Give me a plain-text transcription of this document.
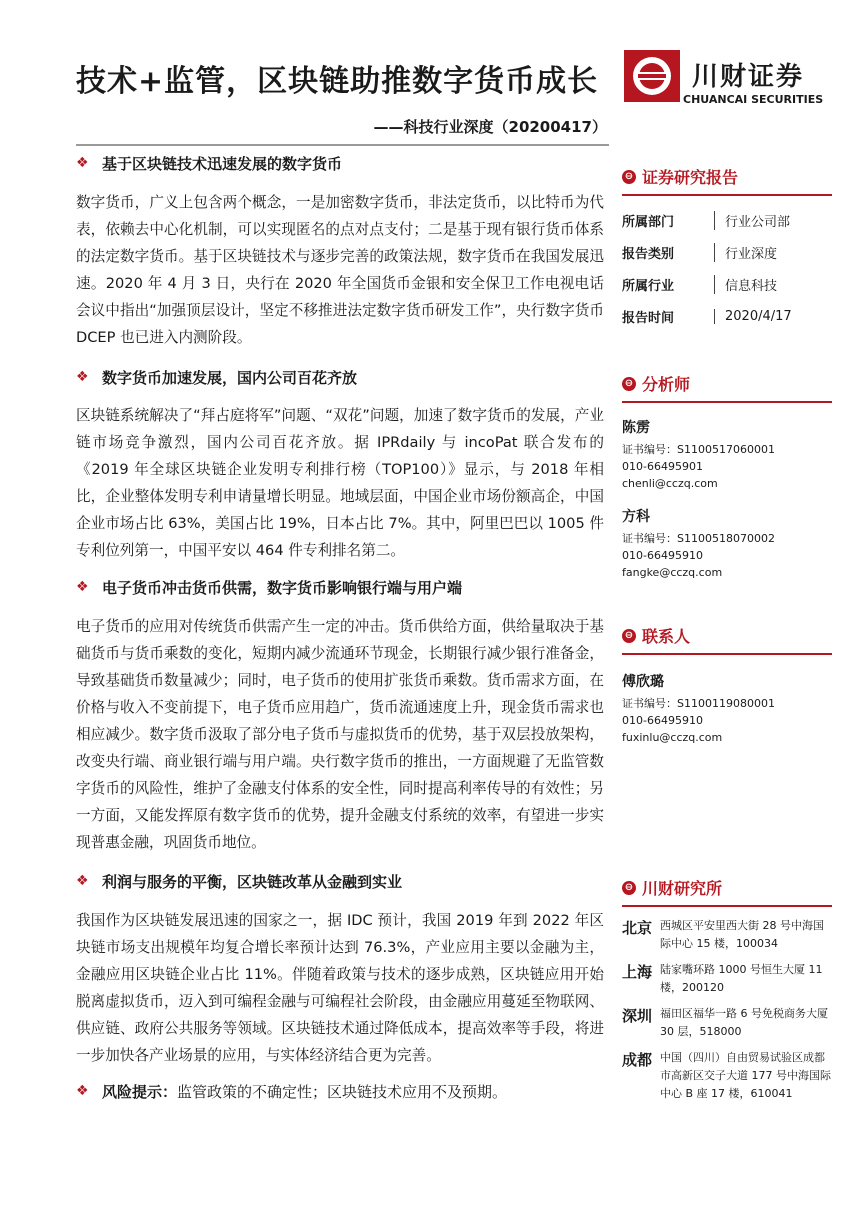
技术+监管，区块链助推数字货币成长
——科技行业深度（20200417）
川财证券
CHUANCAI SECURITIES
❖ 基于区块链技术迅速发展的数字货币

数字货币，广义上包含两个概念，一是加密数字货币，非法定货币，以比特币为代表，依赖去中心化机制，可以实现匿名的点对点支付；二是基于现有银行货币体系的法定数字货币。基于区块链技术与逐步完善的政策法规，数字货币在我国发展迅速。2020 年 4 月 3 日，央行在 2020 年全国货币金银和安全保卫工作电视电话会议中指出“加强顶层设计，坚定不移推进法定数字货币研发工作”，央行数字货币 DCEP 也已进入内测阶段。

❖ 数字货币加速发展，国内公司百花齐放

区块链系统解决了“拜占庭将军”问题、“双花”问题，加速了数字货币的发展，产业链市场竞争激烈，国内公司百花齐放。据 IPRdaily 与 incoPat 联合发布的《2019 年全球区块链企业发明专利排行榜（TOP100）》显示，与 2018 年相比，企业整体发明专利申请量增长明显。地域层面，中国企业市场份额高企，中国企业市场占比 63%，美国占比 19%，日本占比 7%。其中，阿里巴巴以 1005 件专利位列第一，中国平安以 464 件专利排名第二。

❖ 电子货币冲击货币供需，数字货币影响银行端与用户端

电子货币的应用对传统货币供需产生一定的冲击。货币供给方面，供给量取决于基础货币与货币乘数的变化，短期内减少流通环节现金，长期银行减少银行准备金，导致基础货币数量减少；同时，电子货币的使用扩张货币乘数。货币需求方面，在价格与收入不变前提下，电子货币应用趋广，货币流通速度上升，现金货币需求也相应减少。数字货币汲取了部分电子货币与虚拟货币的优势，基于双层投放架构，改变央行端、商业银行端与用户端。央行数字货币的推出，一方面规避了无监管数字货币的风险性，维护了金融支付体系的安全性，同时提高利率传导的有效性；另一方面，又能发挥原有数字货币的优势，提升金融支付系统的效率，有望进一步实现普惠金融，巩固货币地位。

❖ 利润与服务的平衡，区块链改革从金融到实业

我国作为区块链发展迅速的国家之一，据 IDC 预计，我国 2019 年到 2022 年区块链市场支出规模年均复合增长率预计达到 76.3%，产业应用主要以金融为主，金融应用区块链企业占比 11%。伴随着政策与技术的逐步成熟，区块链应用开始脱离虚拟货币，迈入到可编程金融与可编程社会阶段，由金融应用蔓延至物联网、供应链、政府公共服务等领域。区块链技术通过降低成本，提高效率等手段，将进一步加快各产业场景的应用，与实体经济结合更为完善。

❖ 风险提示： 监管政策的不确定性；区块链技术应用不及预期。
⊖ 证券研究报告
所属部门	行业公司部
报告类别	行业深度
所属行业	信息科技
报告时间	2020/4/17
⊖ 分析师
陈雳
证书编号：S1100517060001
010-66495901
chenli@cczq.com
方科
证书编号：S1100518070002
010-66495910
fangke@cczq.com
⊖ 联系人
傅欣璐
证书编号：S1100119080001
010-66495910
fuxinlu@cczq.com
⊖ 川财研究所
北京 西城区平安里西大街 28 号中海国际中心 15 楼，100034
上海 陆家嘴环路 1000 号恒生大厦 11 楼，200120
深圳 福田区福华一路 6 号免税商务大厦 30 层，518000
成都 中国（四川）自由贸易试验区成都市高新区交子大道 177 号中海国际中心 B 座 17 楼，610041
